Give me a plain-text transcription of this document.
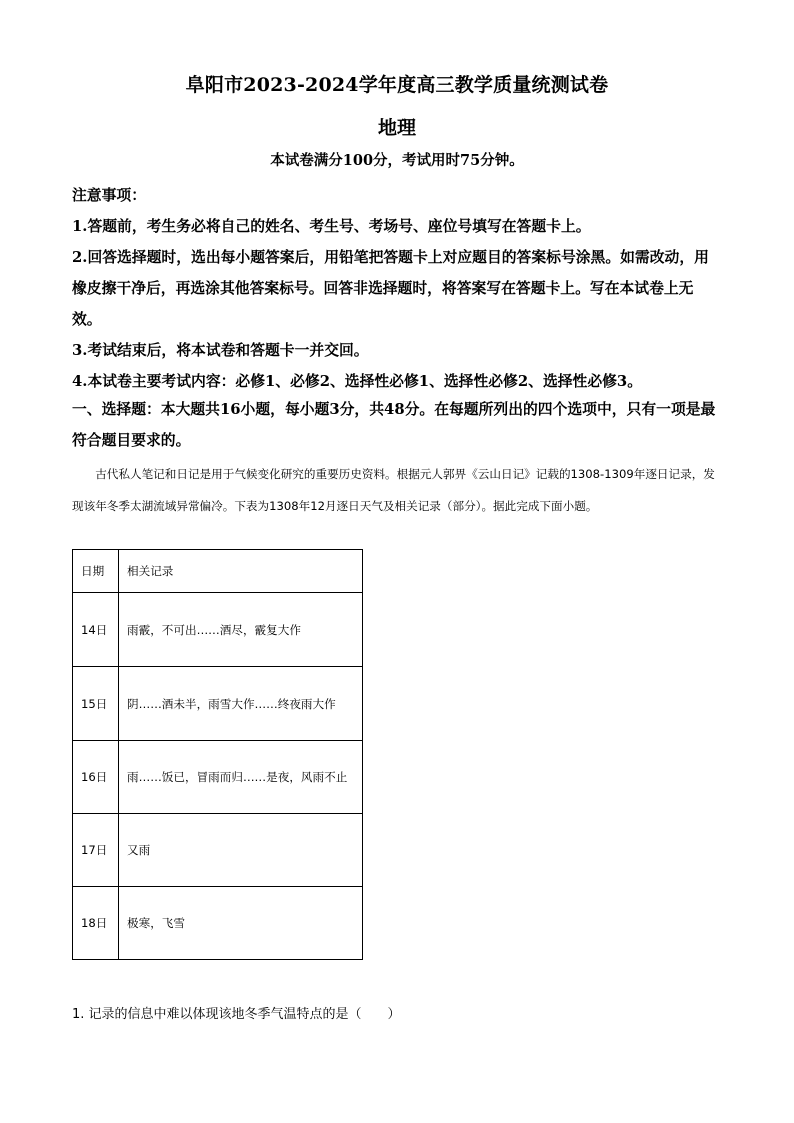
阜阳市2023-2024学年度高三教学质量统测试卷
地理
本试卷满分100分，考试用时75分钟。

注意事项：

1.答题前，考生务必将自己的姓名、考生号、考场号、座位号填写在答题卡上。

2.回答选择题时，选出每小题答案后，用铅笔把答题卡上对应题目的答案标号涂黑。如需改动，用橡皮擦干净后，再选涂其他答案标号。回答非选择题时，将答案写在答题卡上。写在本试卷上无效。

3.考试结束后，将本试卷和答题卡一并交回。

4.本试卷主要考试内容：必修1、必修2、选择性必修1、选择性必修2、选择性必修3。

一、选择题：本大题共16小题，每小题3分，共48分。在每题所列出的四个选项中，只有一项是最符合题目要求的。

古代私人笔记和日记是用于气候变化研究的重要历史资料。根据元人郭畀《云山日记》记载的1308-1309年逐日记录，发现该年冬季太湖流域异常偏冷。下表为1308年12月逐日天气及相关记录（部分）。据此完成下面小题。

日期	相关记录
14日	雨霰，不可出……酒尽，霰复大作
15日	阴……酒未半，雨雪大作……终夜雨大作
16日	雨……饭已，冒雨而归……是夜，风雨不止
17日	又雨
18日	极寒，飞雪
1. 记录的信息中难以体现该地冬季气温特点的是（　　）
